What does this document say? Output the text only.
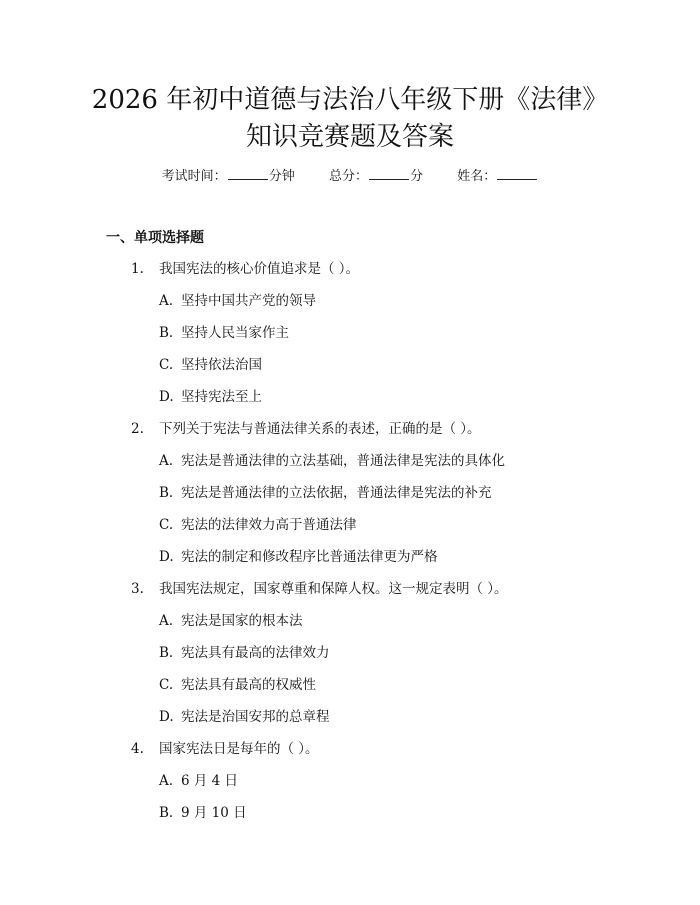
2026 年初中道德与法治八年级下册《法律》
知识竞赛题及答案
考试时间：	分钟	总分：	分	姓名：
一、单项选择题
1. 我国宪法的核心价值追求是（ ）。
A. 坚持中国共产党的领导
B. 坚持人民当家作主
C. 坚持依法治国
D. 坚持宪法至上
2. 下列关于宪法与普通法律关系的表述，正确的是（ ）。
A. 宪法是普通法律的立法基础，普通法律是宪法的具体化
B. 宪法是普通法律的立法依据，普通法律是宪法的补充
C. 宪法的法律效力高于普通法律
D. 宪法的制定和修改程序比普通法律更为严格
3. 我国宪法规定，国家尊重和保障人权。这一规定表明（ ）。
A. 宪法是国家的根本法
B. 宪法具有最高的法律效力
C. 宪法具有最高的权威性
D. 宪法是治国安邦的总章程
4. 国家宪法日是每年的（ ）。
A. 6 月 4 日
B. 9 月 10 日
